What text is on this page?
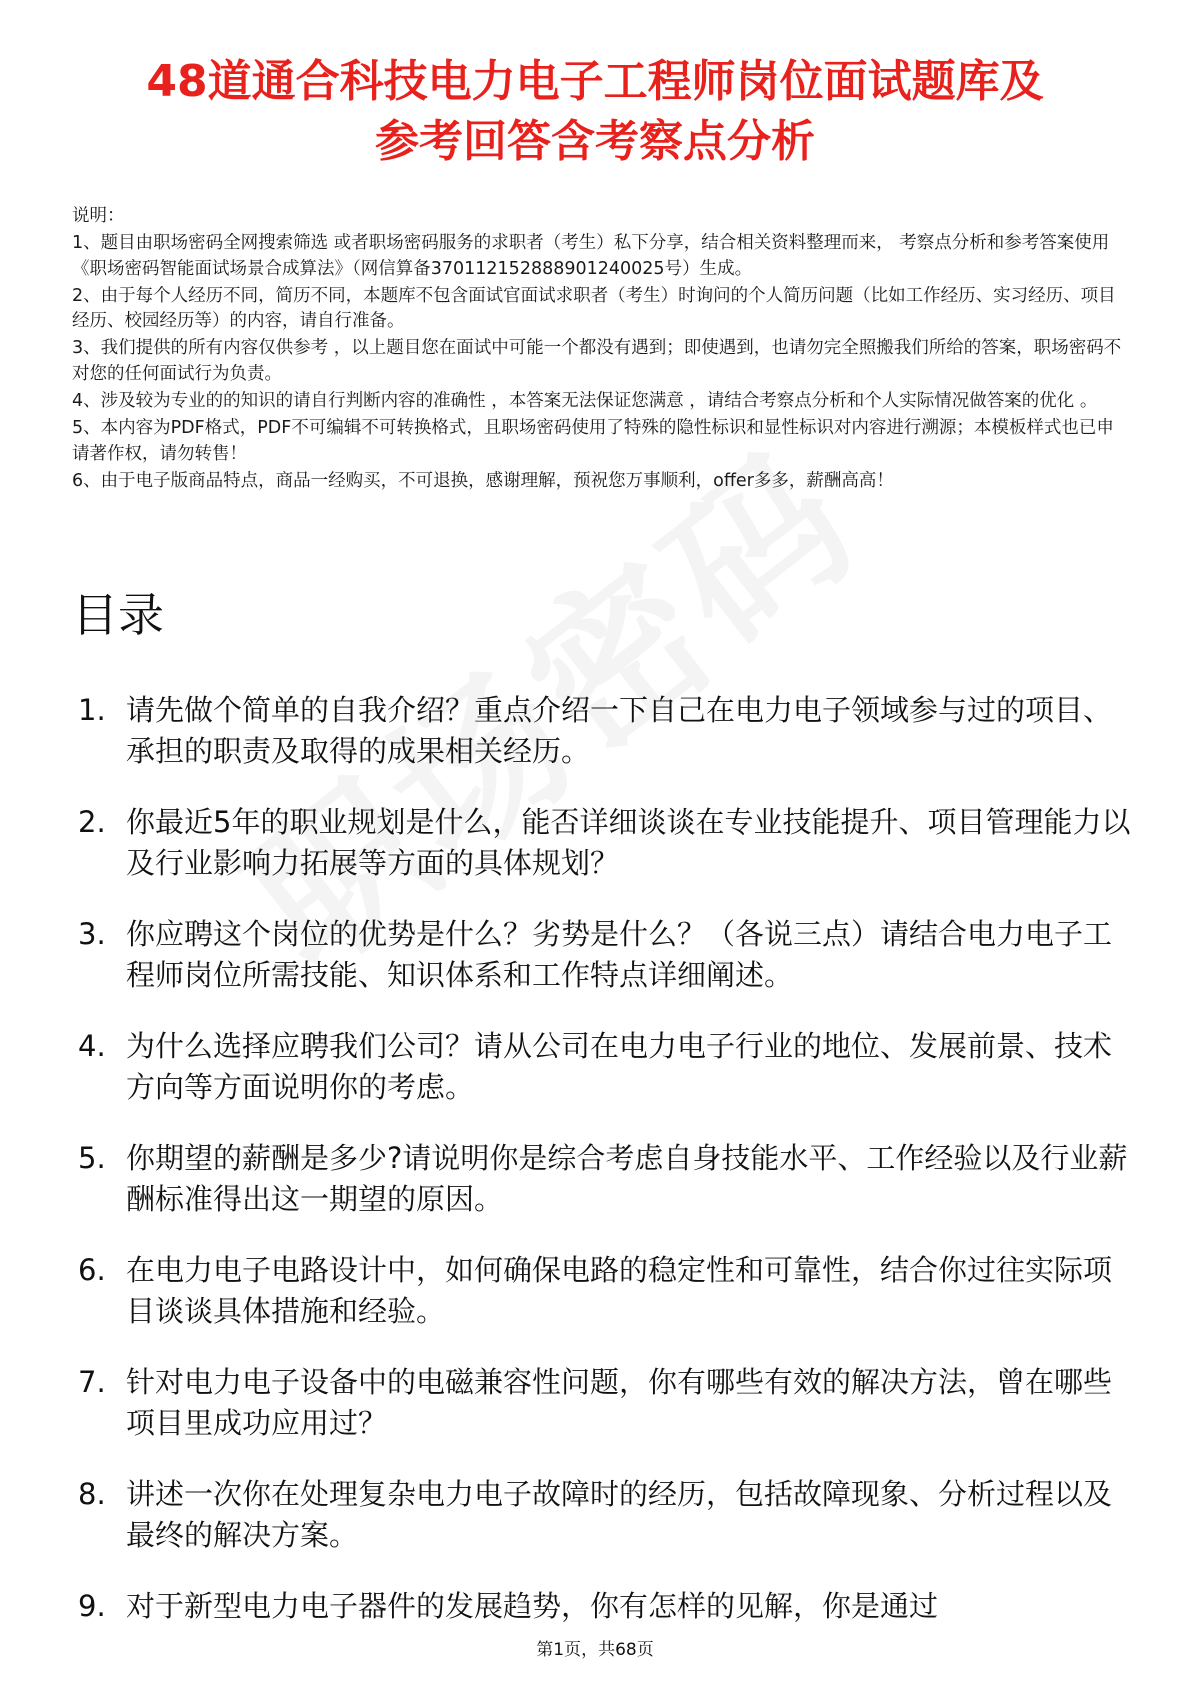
48道通合科技电力电子工程师岗位面试题库及
参考回答含考察点分析

说明：

1、题目由职场密码全网搜索筛选 或者职场密码服务的求职者（考生）私下分享，结合相关资料整理而来， 考察点分析和参考答案使用《职场密码智能面试场景合成算法》（网信算备370112152888901240025号）生成。

2、由于每个人经历不同，简历不同，本题库不包含面试官面试求职者（考生）时询问的个人简历问题（比如工作经历、实习经历、项目经历、校园经历等）的内容，请自行准备。

3、我们提供的所有内容仅供参考 ，以上题目您在面试中可能一个都没有遇到；即使遇到，也请勿完全照搬我们所给的答案，职场密码不对您的任何面试行为负责。

4、涉及较为专业的的知识的请自行判断内容的准确性 ，本答案无法保证您满意 ，请结合考察点分析和个人实际情况做答案的优化 。

5、本内容为PDF格式，PDF不可编辑不可转换格式，且职场密码使用了特殊的隐性标识和显性标识对内容进行溯源；本模板样式也已申请著作权，请勿转售！

6、由于电子版商品特点，商品一经购买，不可退换，感谢理解，预祝您万事顺利，offer多多，薪酬高高！

目录
1. 请先做个简单的自我介绍？重点介绍一下自己在电力电子领域参与过的项目、承担的职责及取得的成果相关经历。
2. 你最近5年的职业规划是什么，能否详细谈谈在专业技能提升、项目管理能力以及行业影响力拓展等方面的具体规划？
3. 你应聘这个岗位的优势是什么？劣势是什么？（各说三点）请结合电力电子工程师岗位所需技能、知识体系和工作特点详细阐述。
4. 为什么选择应聘我们公司？请从公司在电力电子行业的地位、发展前景、技术方向等方面说明你的考虑。
5. 你期望的薪酬是多少?请说明你是综合考虑自身技能水平、工作经验以及行业薪酬标准得出这一期望的原因。
6. 在电力电子电路设计中，如何确保电路的稳定性和可靠性，结合你过往实际项目谈谈具体措施和经验。
7. 针对电力电子设备中的电磁兼容性问题，你有哪些有效的解决方法，曾在哪些项目里成功应用过？
8. 讲述一次你在处理复杂电力电子故障时的经历，包括故障现象、分析过程以及最终的解决方案。
9. 对于新型电力电子器件的发展趋势，你有怎样的见解，你是通过
第1页，共68页
